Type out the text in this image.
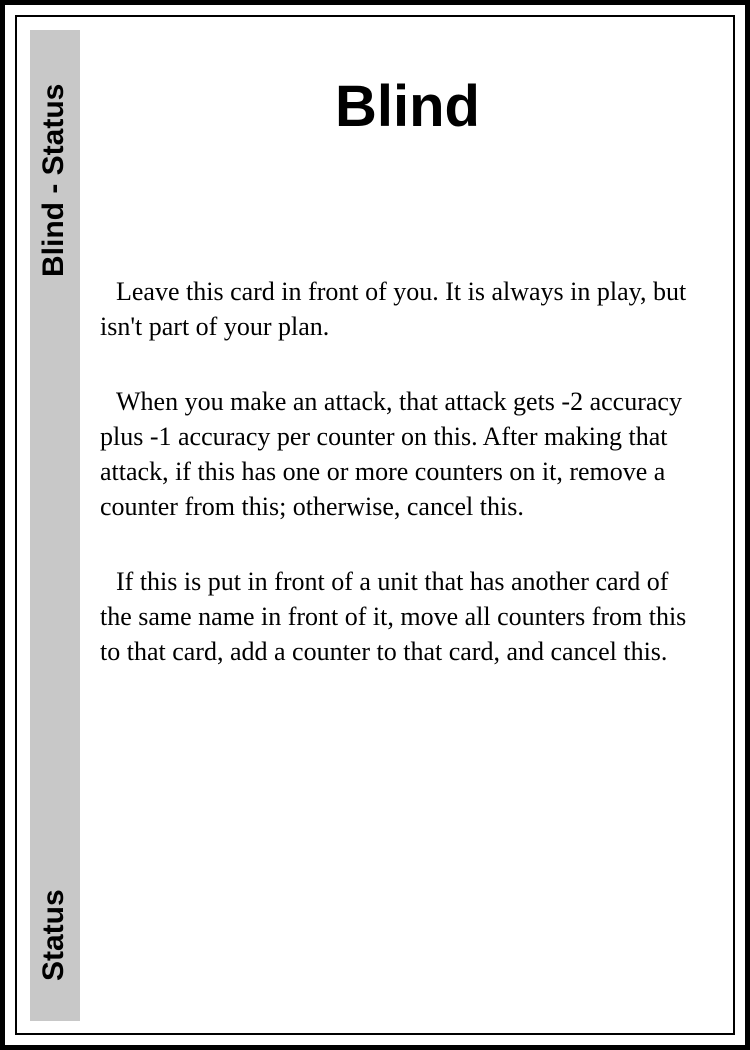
Blind - Status
Status
Blind

Leave this card in front of you. It is always in play, but isn't part of your plan.

When you make an attack, that attack gets -2 accuracy plus -1 accuracy per counter on this. After making that attack, if this has one or more counters on it, remove a counter from this; otherwise, cancel this.

If this is put in front of a unit that has another card of the same name in front of it, move all counters from this to that card, add a counter to that card, and cancel this.
